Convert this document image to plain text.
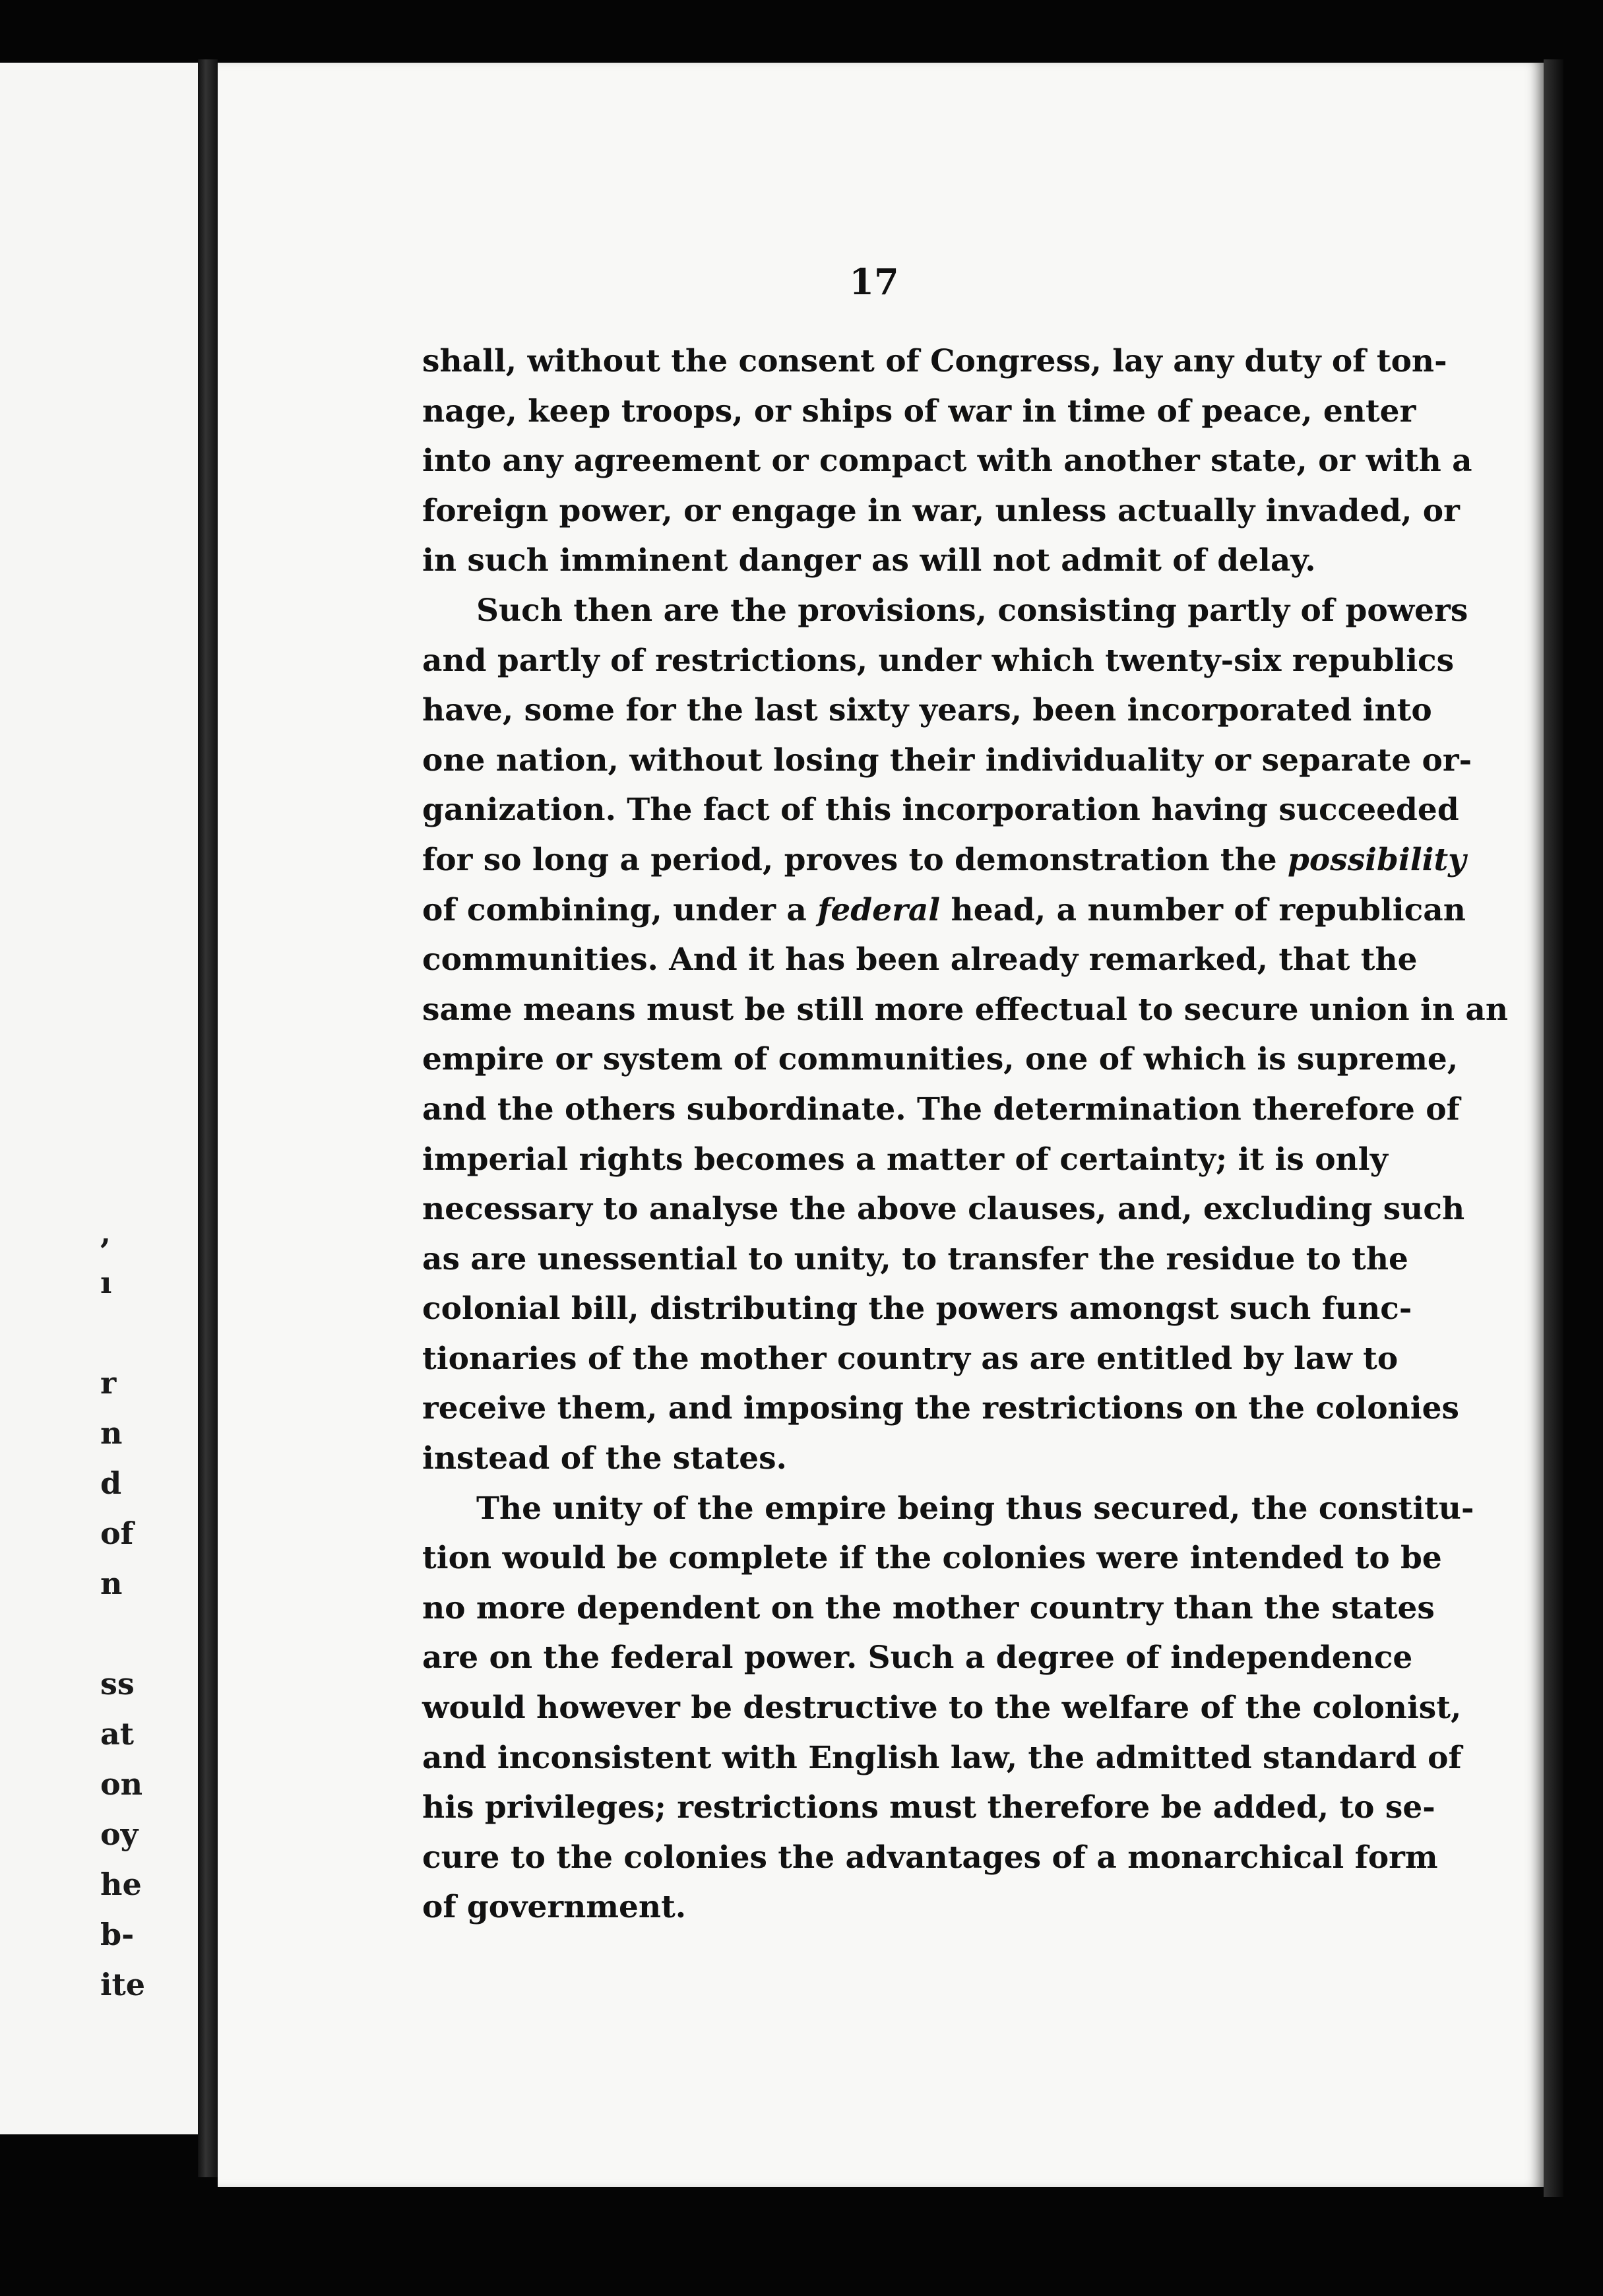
,
ı
r
n
d
of
n
ss
at
on
oy
he
b-
ite
17
shall, without the consent of Congress, lay any duty of ton-
nage, keep troops, or ships of war in time of peace, enter
into any agreement or compact with another state, or with a
foreign power, or engage in war, unless actually invaded, or
in such imminent danger as will not admit of delay.
Such then are the provisions, consisting partly of powers
and partly of restrictions, under which twenty-six republics
have, some for the last sixty years, been incorporated into
one nation, without losing their individuality or separate or-
ganization. The fact of this incorporation having succeeded
for so long a period, proves to demonstration the possibility
of combining, under a federal head, a number of republican
communities. And it has been already remarked, that the
same means must be still more effectual to secure union in an
empire or system of communities, one of which is supreme,
and the others subordinate. The determination therefore of
imperial rights becomes a matter of certainty; it is only
necessary to analyse the above clauses, and, excluding such
as are unessential to unity, to transfer the residue to the
colonial bill, distributing the powers amongst such func-
tionaries of the mother country as are entitled by law to
receive them, and imposing the restrictions on the colonies
instead of the states.
The unity of the empire being thus secured, the constitu-
tion would be complete if the colonies were intended to be
no more dependent on the mother country than the states
are on the federal power. Such a degree of independence
would however be destructive to the welfare of the colonist,
and inconsistent with English law, the admitted standard of
his privileges; restrictions must therefore be added, to se-
cure to the colonies the advantages of a monarchical form
of government.
